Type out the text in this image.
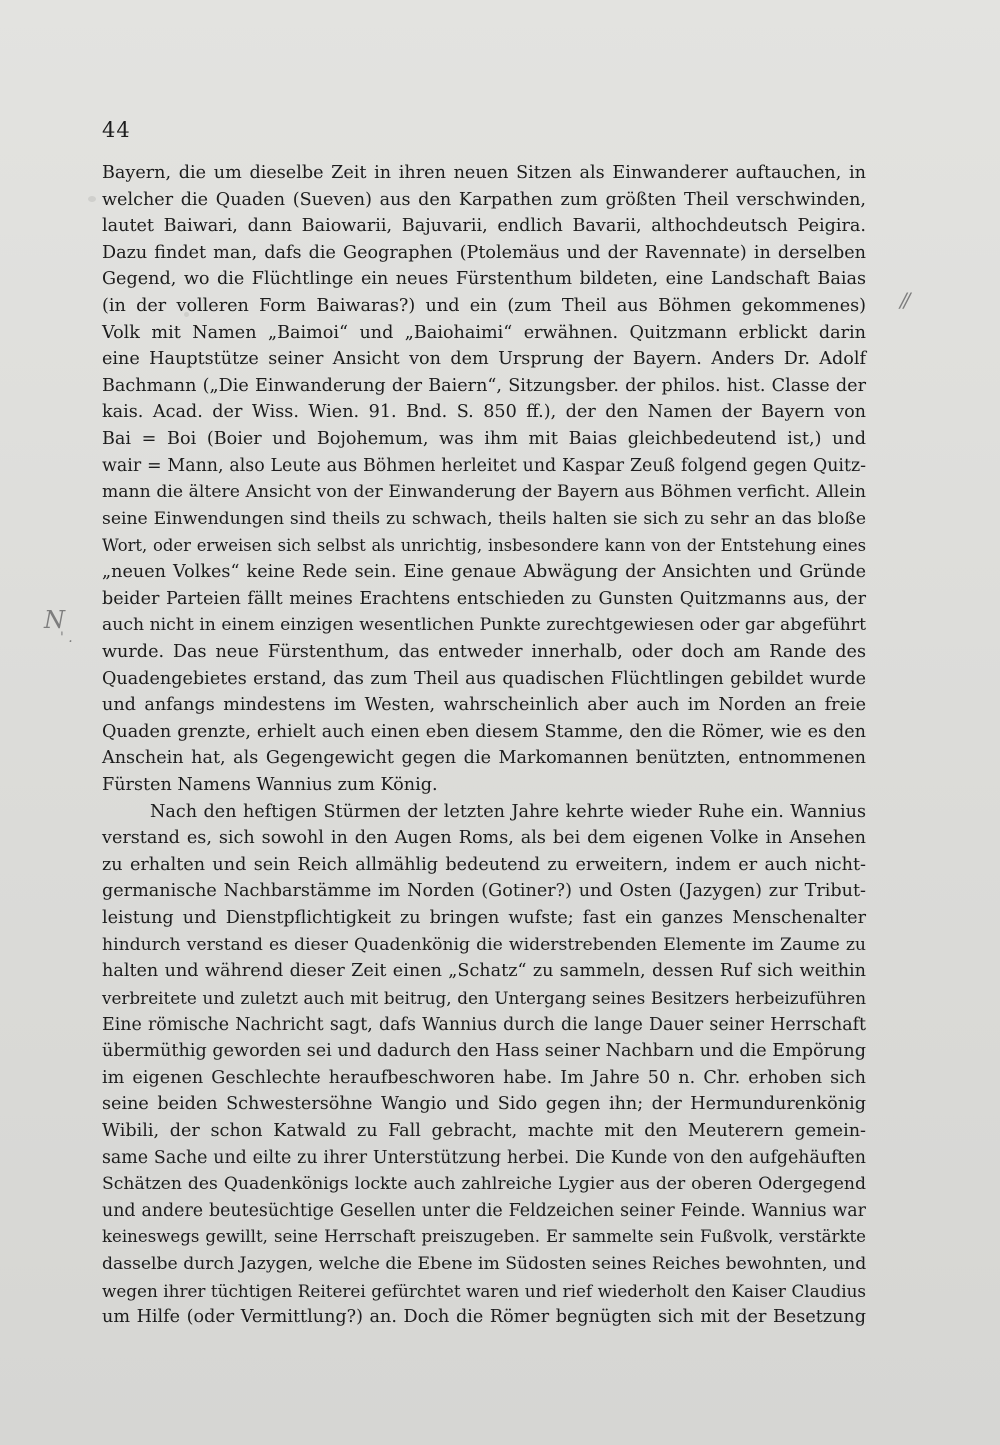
44
//
N
' .
Bayern, die um dieselbe Zeit in ihren neuen Sitzen als Einwanderer auftauchen, in
welcher die Quaden (Sueven) aus den Karpathen zum größten Theil verschwinden,
lautet Baiwari, dann Baiowarii, Bajuvarii, endlich Bavarii, althochdeutsch Peigira.
Dazu findet man, dafs die Geographen (Ptolemäus und der Ravennate) in derselben
Gegend, wo die Flüchtlinge ein neues Fürstenthum bildeten, eine Landschaft Baias
(in der volleren Form Baiwaras?) und ein (zum Theil aus Böhmen gekommenes)
Volk mit Namen „Baimoi“ und „Baiohaimi“ erwähnen. Quitzmann erblickt darin
eine Hauptstütze seiner Ansicht von dem Ursprung der Bayern. Anders Dr. Adolf
Bachmann („Die Einwanderung der Baiern“, Sitzungsber. der philos. hist. Classe der
kais. Acad. der Wiss. Wien. 91. Bnd. S. 850 ff.), der den Namen der Bayern von
Bai = Boi (Boier und Bojohemum, was ihm mit Baias gleichbedeutend ist,) und
wair = Mann, also Leute aus Böhmen herleitet und Kaspar Zeuß folgend gegen Quitz-
mann die ältere Ansicht von der Einwanderung der Bayern aus Böhmen verficht. Allein
seine Einwendungen sind theils zu schwach, theils halten sie sich zu sehr an das bloße
Wort, oder erweisen sich selbst als unrichtig, insbesondere kann von der Entstehung eines
„neuen Volkes“ keine Rede sein. Eine genaue Abwägung der Ansichten und Gründe
beider Parteien fällt meines Erachtens entschieden zu Gunsten Quitzmanns aus, der
auch nicht in einem einzigen wesentlichen Punkte zurechtgewiesen oder gar abgeführt
wurde. Das neue Fürstenthum, das entweder innerhalb, oder doch am Rande des
Quadengebietes erstand, das zum Theil aus quadischen Flüchtlingen gebildet wurde
und anfangs mindestens im Westen, wahrscheinlich aber auch im Norden an freie
Quaden grenzte, erhielt auch einen eben diesem Stamme, den die Römer, wie es den
Anschein hat, als Gegengewicht gegen die Markomannen benützten, entnommenen
Fürsten Namens Wannius zum König.
Nach den heftigen Stürmen der letzten Jahre kehrte wieder Ruhe ein. Wannius
verstand es, sich sowohl in den Augen Roms, als bei dem eigenen Volke in Ansehen
zu erhalten und sein Reich allmählig bedeutend zu erweitern, indem er auch nicht-
germanische Nachbarstämme im Norden (Gotiner?) und Osten (Jazygen) zur Tribut-
leistung und Dienstpflichtigkeit zu bringen wufste; fast ein ganzes Menschenalter
hindurch verstand es dieser Quadenkönig die widerstrebenden Elemente im Zaume zu
halten und während dieser Zeit einen „Schatz“ zu sammeln, dessen Ruf sich weithin
verbreitete und zuletzt auch mit beitrug, den Untergang seines Besitzers herbeizuführen
Eine römische Nachricht sagt, dafs Wannius durch die lange Dauer seiner Herrschaft
übermüthig geworden sei und dadurch den Hass seiner Nachbarn und die Empörung
im eigenen Geschlechte heraufbeschworen habe. Im Jahre 50 n. Chr. erhoben sich
seine beiden Schwestersöhne Wangio und Sido gegen ihn; der Hermundurenkönig
Wibili, der schon Katwald zu Fall gebracht, machte mit den Meuterern gemein-
same Sache und eilte zu ihrer Unterstützung herbei. Die Kunde von den aufgehäuften
Schätzen des Quadenkönigs lockte auch zahlreiche Lygier aus der oberen Odergegend
und andere beutesüchtige Gesellen unter die Feldzeichen seiner Feinde. Wannius war
keineswegs gewillt, seine Herrschaft preiszugeben. Er sammelte sein Fußvolk, verstärkte
dasselbe durch Jazygen, welche die Ebene im Südosten seines Reiches bewohnten, und
wegen ihrer tüchtigen Reiterei gefürchtet waren und rief wiederholt den Kaiser Claudius
um Hilfe (oder Vermittlung?) an. Doch die Römer begnügten sich mit der Besetzung
